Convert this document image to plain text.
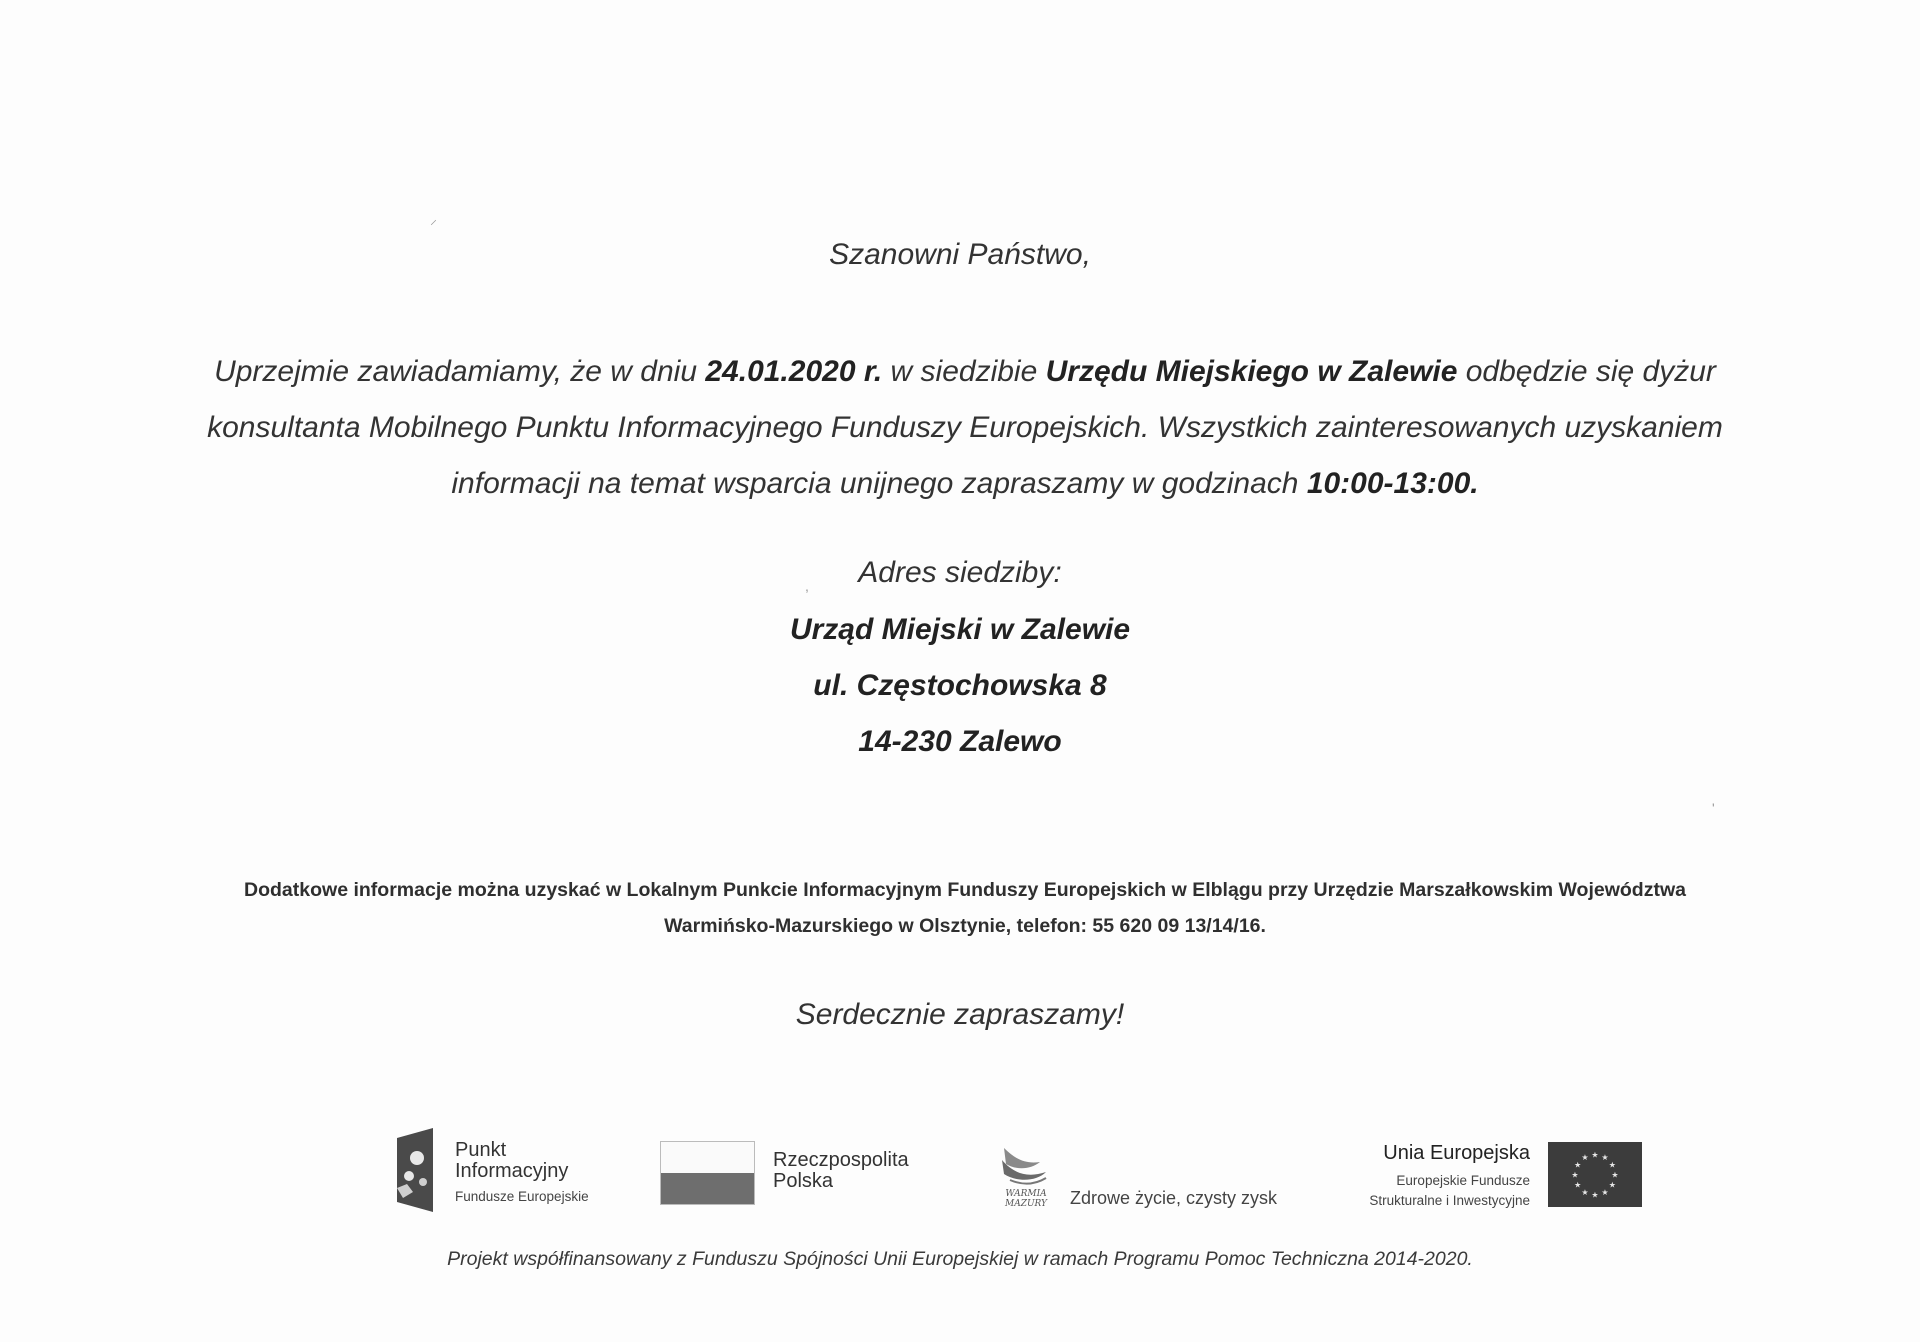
Szanowni Państwo,
Uprzejmie zawiadamiamy, że w dniu 24.01.2020 r. w siedzibie Urzędu Miejskiego w Zalewie odbędzie się dyżur konsultanta Mobilnego Punktu Informacyjnego Funduszy Europejskich. Wszystkich zainteresowanych uzyskaniem informacji na temat wsparcia unijnego zapraszamy w godzinach 10:00-13:00.
Adres siedziby:
Urząd Miejski w Zalewie
ul. Częstochowska 8
14-230 Zalewo
Dodatkowe informacje można uzyskać w Lokalnym Punkcie Informacyjnym Funduszy Europejskich w Elblągu przy Urzędzie Marszałkowskim Województwa
Warmińsko-Mazurskiego w Olsztynie, telefon: 55 620 09 13/14/16.
Serdecznie zapraszamy!
Punkt
Informacyjny
Fundusze Europejskie
Rzeczpospolita
Polska
WARMIA
MAZURY Zdrowe życie, czysty zysk
Unia Europejska
Europejskie Fundusze
Strukturalne i Inwestycyjne
★ ★
★
★
★
★
★
★
★
★
★
★
Projekt współfinansowany z Funduszu Spójności Unii Europejskiej w ramach Programu Pomoc Techniczna 2014-2020.
⸝
,
'
